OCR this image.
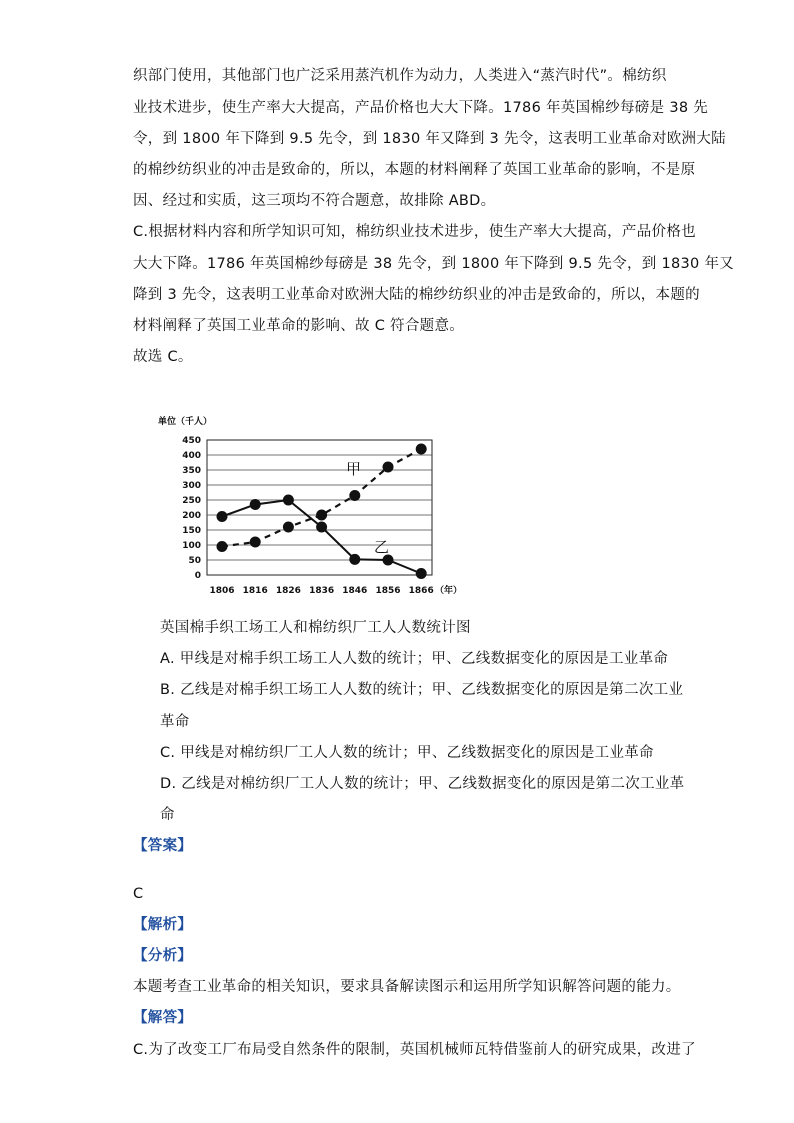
织部门使用，其他部门也广泛采用蒸汽机作为动力，人类进入“蒸汽时代”。棉纺织
业技术进步，使生产率大大提高，产品价格也大大下降。1786 年英国棉纱每磅是 38 先
令，到 1800 年下降到 9.5 先令，到 1830 年又降到 3 先令，这表明工业革命对欧洲大陆
的棉纱纺织业的冲击是致命的，所以，本题的材料阐释了英国工业革命的影响，不是原
因、经过和实质，这三项均不符合题意，故排除 ABD。
C.根据材料内容和所学知识可知，棉纺织业技术进步，使生产率大大提高，产品价格也
大大下降。1786 年英国棉纱每磅是 38 先令，到 1800 年下降到 9.5 先令，到 1830 年又
降到 3 先令，这表明工业革命对欧洲大陆的棉纱纺织业的冲击是致命的，所以，本题的
材料阐释了英国工业革命的影响、故 C 符合题意。
故选 C。
单位（千人）
450
400
350
300
250
200
150
100
50
0
1806 1816 1826 1836 1846 1856 1866 （年）
甲
乙
英国棉手织工场工人和棉纺织厂工人人数统计图
A. 甲线是对棉手织工场工人人数的统计；甲、乙线数据变化的原因是工业革命
B. 乙线是对棉手织工场工人人数的统计；甲、乙线数据变化的原因是第二次工业
革命
C. 甲线是对棉纺织厂工人人数的统计；甲、乙线数据变化的原因是工业革命
D. 乙线是对棉纺织厂工人人数的统计；甲、乙线数据变化的原因是第二次工业革
命
【答案】
C
【解析】
【分析】
本题考查工业革命的相关知识，要求具备解读图示和运用所学知识解答问题的能力。
【解答】
C.为了改变工厂布局受自然条件的限制，英国机械师瓦特借鉴前人的研究成果，改进了
